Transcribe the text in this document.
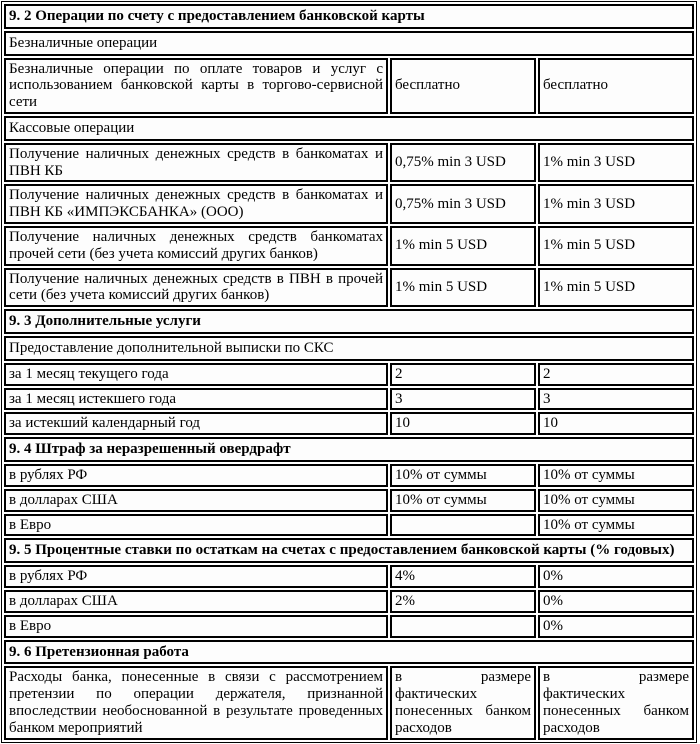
9. 2 Операции по счету с предоставлением банковской карты		
Безналичные операции		
Безналичные операции по оплате товаров и услуг с использованием банковской карты в торгово-сервисной сети	бесплатно	бесплатно
Кассовые операции		
Получение наличных денежных средств в банкоматах и ПВН КБ	0,75% min 3 USD	1% min 3 USD
Получение наличных денежных средств в банкоматах и ПВН КБ «ИМПЭКСБАНКА» (ООО)	0,75% min 3 USD	1% min 3 USD
Получение наличных денежных средств банкоматах прочей сети (без учета комиссий других банков)	1% min 5 USD	1% min 5 USD
Получение наличных денежных средств в ПВН в прочей сети (без учета комиссий других банков)	1% min 5 USD	1% min 5 USD
9. 3 Дополнительные услуги		
Предоставление дополнительной выписки по СКС		
за 1 месяц текущего года	2	2
за 1 месяц истекшего года	3	3
за истекший календарный год	10	10
9. 4 Штраф за неразрешенный овердрафт		
в рублях РФ	10% от суммы	10% от суммы
в долларах США	10% от суммы	10% от суммы
в Евро		10% от суммы
9. 5 Процентные ставки по остаткам на счетах с предоставлением банковской карты (% годовых)		
в рублях РФ	4%	0%
в долларах США	2%	0%
в Евро		0%
9. 6 Претензионная работа		
Расходы банка, понесенные в связи с рассмотрением претензии по операции держателя, признанной впоследствии необоснованной в результате проведенных банком мероприятий	в размере фактических понесенных банком расходов	в размере фактических понесенных банком расходов
